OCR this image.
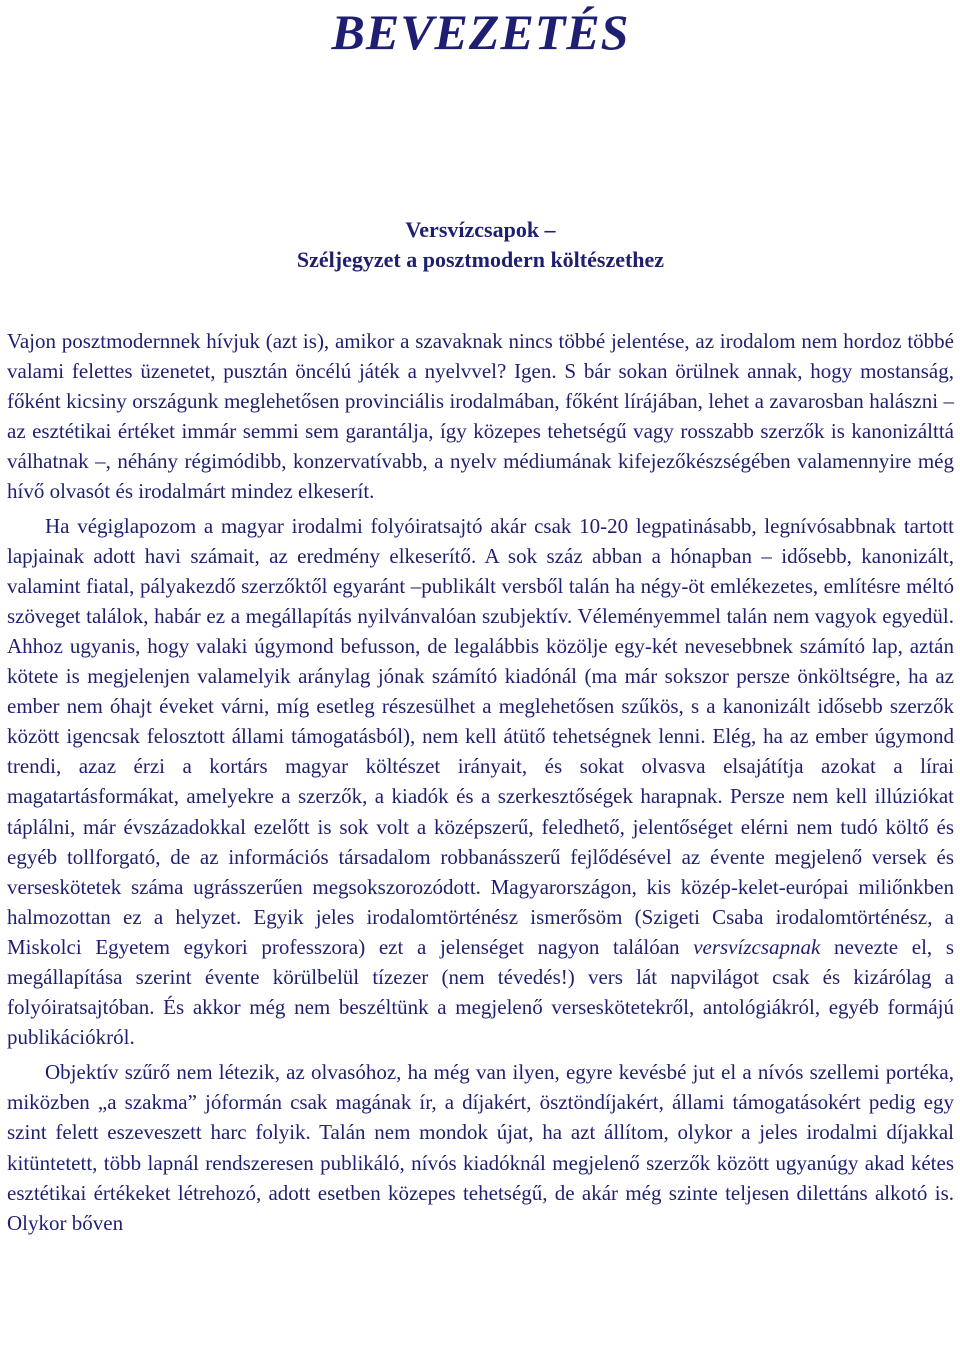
BEVEZETÉS
Versvízcsapok –
Széljegyzet a posztmodern költészethez

Vajon posztmodernnek hívjuk (azt is), amikor a szavaknak nincs többé jelentése, az irodalom nem hordoz többé valami felettes üzenetet, pusztán öncélú játék a nyelvvel? Igen. S bár sokan örülnek annak, hogy mostanság, főként kicsiny országunk meglehetősen provinciális irodalmában, főként lírájában, lehet a zavarosban halászni – az esztétikai értéket immár semmi sem garantálja, így közepes tehetségű vagy rosszabb szerzők is kanonizálttá válhatnak –, néhány régimódibb, konzervatívabb, a nyelv médiumának kifejezőkészségében valamennyire még hívő olvasót és irodalmárt mindez elkeserít.

Ha végiglapozom a magyar irodalmi folyóiratsajtó akár csak 10-20 legpatinásabb, legnívósabbnak tartott lapjainak adott havi számait, az eredmény elkeserítő. A sok száz abban a hónapban – idősebb, kanonizált, valamint fiatal, pályakezdő szerzőktől egyaránt –publikált versből talán ha négy-öt emlékezetes, említésre méltó szöveget találok, habár ez a megállapítás nyilvánvalóan szubjektív. Véleményemmel talán nem vagyok egyedül. Ahhoz ugyanis, hogy valaki úgymond befusson, de legalábbis közölje egy-két nevesebbnek számító lap, aztán kötete is megjelenjen valamelyik aránylag jónak számító kiadónál (ma már sokszor persze önköltségre, ha az ember nem óhajt éveket várni, míg esetleg részesülhet a meglehetősen szűkös, s a kanonizált idősebb szerzők között igencsak felosztott állami támogatásból), nem kell átütő tehetségnek lenni. Elég, ha az ember úgymond trendi, azaz érzi a kortárs magyar költészet irányait, és sokat olvasva elsajátítja azokat a lírai magatartásformákat, amelyekre a szerzők, a kiadók és a szerkesztőségek harapnak. Persze nem kell illúziókat táplálni, már évszázadokkal ezelőtt is sok volt a középszerű, feledhető, jelentőséget elérni nem tudó költő és egyéb tollforgató, de az információs társadalom robbanásszerű fejlődésével az évente megjelenő versek és verseskötetek száma ugrásszerűen megsokszorozódott. Magyarországon, kis közép-kelet-európai miliőnkben halmozottan ez a helyzet. Egyik jeles irodalomtörténész ismerősöm (Szigeti Csaba irodalomtörténész, a Miskolci Egyetem egykori professzora) ezt a jelenséget nagyon találóan versvízcsapnak nevezte el, s megállapítása szerint évente körülbelül tízezer (nem tévedés!) vers lát napvilágot csak és kizárólag a folyóiratsajtóban. És akkor még nem beszéltünk a megjelenő verseskötetekről, antológiákról, egyéb formájú publikációkról.

Objektív szűrő nem létezik, az olvasóhoz, ha még van ilyen, egyre kevésbé jut el a nívós szellemi portéka, miközben „a szakma” jóformán csak magának ír, a díjakért, ösztöndíjakért, állami támogatásokért pedig egy szint felett eszeveszett harc folyik. Talán nem mondok újat, ha azt állítom, olykor a jeles irodalmi díjakkal kitüntetett, több lapnál rendszeresen publikáló, nívós kiadóknál megjelenő szerzők között ugyanúgy akad kétes esztétikai értékeket létrehozó, adott esetben közepes tehetségű, de akár még szinte teljesen dilettáns alkotó is. Olykor bőven
